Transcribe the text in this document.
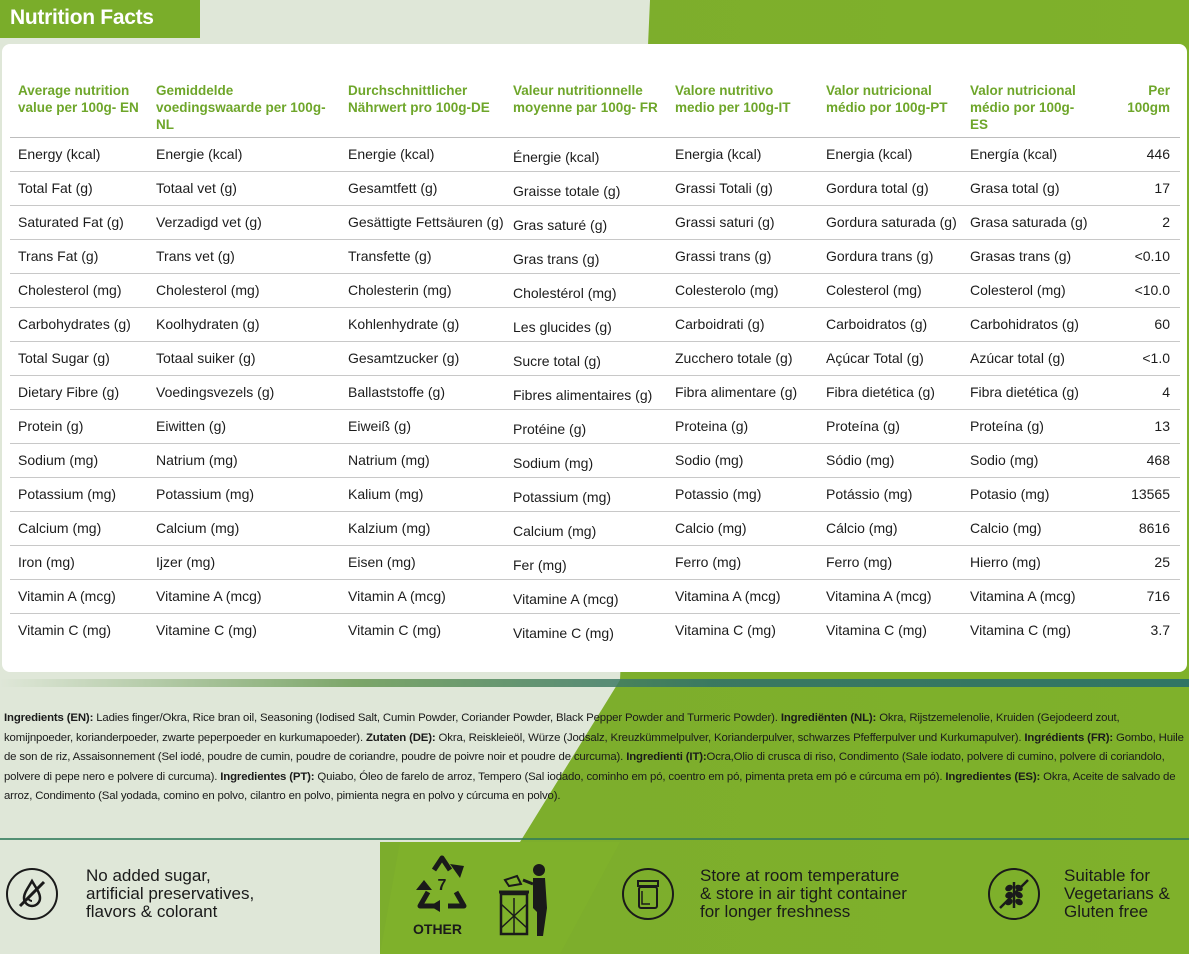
Nutrition Facts
Average nutrition value per 100g- EN	Gemiddelde voedingswaarde per 100g-NL	Durchschnittlicher Nährwert pro 100g-DE	Valeur nutritionnelle moyenne par 100g- FR	Valore nutritivo medio per 100g-IT	Valor nutricional médio por 100g-PT	Valor nutricional médio por 100g-ES	Per 100gm
Energy (kcal)	Energie (kcal)	Energie (kcal)	Énergie (kcal)	Energia (kcal)	Energia (kcal)	Energía (kcal)	446
Total Fat (g)	Totaal vet (g)	Gesamtfett (g)	Graisse totale (g)	Grassi Totali (g)	Gordura total (g)	Grasa total (g)	17
Saturated Fat (g)	Verzadigd vet (g)	Gesättigte Fettsäuren (g)	Gras saturé (g)	Grassi saturi (g)	Gordura saturada (g)	Grasa saturada (g)	2
Trans Fat (g)	Trans vet (g)	Transfette (g)	Gras trans (g)	Grassi trans (g)	Gordura trans (g)	Grasas trans (g)	<0.10
Cholesterol (mg)	Cholesterol (mg)	Cholesterin (mg)	Cholestérol (mg)	Colesterolo (mg)	Colesterol (mg)	Colesterol (mg)	<10.0
Carbohydrates (g)	Koolhydraten (g)	Kohlenhydrate (g)	Les glucides (g)	Carboidrati (g)	Carboidratos (g)	Carbohidratos (g)	60
Total Sugar (g)	Totaal suiker (g)	Gesamtzucker (g)	Sucre total (g)	Zucchero totale (g)	Açúcar Total (g)	Azúcar total (g)	<1.0
Dietary Fibre (g)	Voedingsvezels (g)	Ballaststoffe (g)	Fibres alimentaires (g)	Fibra alimentare (g)	Fibra dietética (g)	Fibra dietética (g)	4
Protein (g)	Eiwitten (g)	Eiweiß (g)	Protéine (g)	Proteina (g)	Proteína (g)	Proteína (g)	13
Sodium (mg)	Natrium (mg)	Natrium (mg)	Sodium (mg)	Sodio (mg)	Sódio (mg)	Sodio (mg)	468
Potassium (mg)	Potassium (mg)	Kalium (mg)	Potassium (mg)	Potassio (mg)	Potássio (mg)	Potasio (mg)	13565
Calcium (mg)	Calcium (mg)	Kalzium (mg)	Calcium (mg)	Calcio (mg)	Cálcio (mg)	Calcio (mg)	8616
Iron (mg)	Ijzer (mg)	Eisen (mg)	Fer (mg)	Ferro (mg)	Ferro (mg)	Hierro (mg)	25
Vitamin A (mcg)	Vitamine A (mcg)	Vitamin A (mcg)	Vitamine A (mcg)	Vitamina A (mcg)	Vitamina A (mcg)	Vitamina A (mcg)	716
Vitamin C (mg)	Vitamine C (mg)	Vitamin C (mg)	Vitamine C (mg)	Vitamina C (mg)	Vitamina C (mg)	Vitamina C (mg)	3.7
Ingredients (EN): Ladies finger/Okra, Rice bran oil, Seasoning (Iodised Salt, Cumin Powder, Coriander Powder, Black Pepper Powder and Turmeric Powder). Ingrediënten (NL): Okra, Rijstzemelenolie, Kruiden (Gejodeerd zout, komijnpoeder, korianderpoeder, zwarte peperpoeder en kurkumapoeder). Zutaten (DE): Okra, Reiskleieöl, Würze (Jodsalz, Kreuzkümmelpulver, Korianderpulver, schwarzes Pfefferpulver und Kurkumapulver). Ingrédients (FR): Gombo, Huile de son de riz, Assaisonnement (Sel iodé, poudre de cumin, poudre de coriandre, poudre de poivre noir et poudre de curcuma). Ingredienti (IT):Ocra,Olio di crusca di riso, Condimento (Sale iodato, polvere di cumino, polvere di coriandolo, polvere di pepe nero e polvere di curcuma). Ingredientes (PT): Quiabo, Óleo de farelo de arroz, Tempero (Sal iodado, cominho em pó, coentro em pó, pimenta preta em pó e cúrcuma em pó). Ingredientes (ES): Okra, Aceite de salvado de arroz, Condimento (Sal yodada, comino en polvo, cilantro en polvo, pimienta negra en polvo y cúrcuma en polvo).
No added sugar,
artificial preservatives,
flavors & colorant
7
OTHER
Store at room temperature
& store in air tight container
for longer freshness
Suitable for
Vegetarians &
Gluten free
